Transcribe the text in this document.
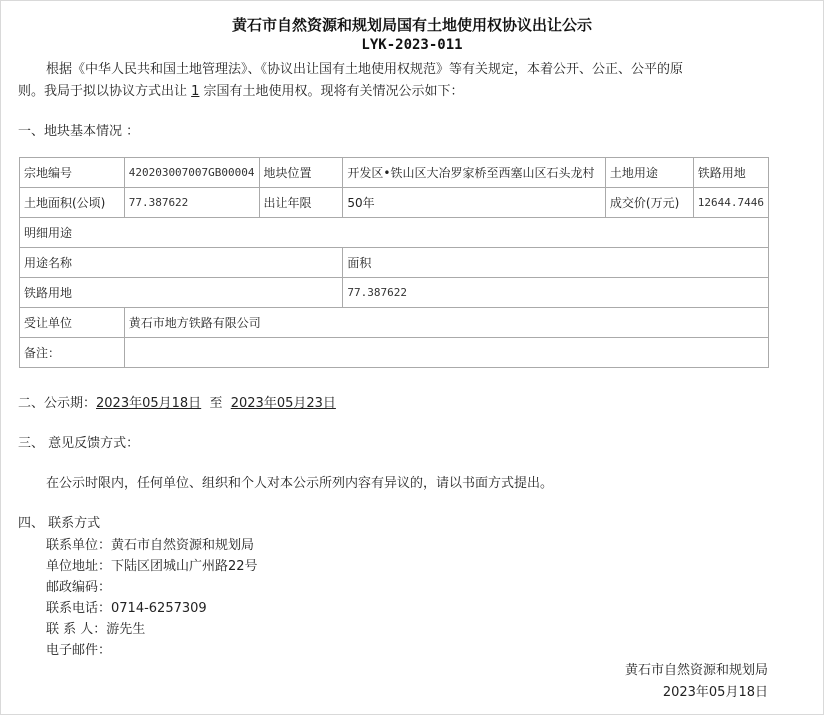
黄石市自然资源和规划局国有土地使用权协议出让公示
LYK-2023-011
根据《中华人民共和国土地管理法》、《协议出让国有土地使用权规范》等有关规定，本着公开、公正、公平的原
则。我局于拟以协议方式出让 1 宗国有土地使用权。现将有关情况公示如下：
一、地块基本情况 ：
宗地编号	420203007007GB00004	地块位置	开发区•铁山区大冶罗家桥至西塞山区石头龙村	土地用途	铁路用地
土地面积(公顷)	77.387622	出让年限	50年	成交价(万元)	12644.7446
明细用途					
用途名称			面积		
铁路用地			77.387622		
受让单位	黄石市地方铁路有限公司				
备注：					
二、公示期：2023年05月18日 至 2023年05月23日
三、 意见反馈方式：
在公示时限内，任何单位、组织和个人对本公示所列内容有异议的，请以书面方式提出。
四、 联系方式
联系单位：黄石市自然资源和规划局
单位地址：下陆区团城山广州路22号
邮政编码：
联系电话：0714-6257309
联 系 人：游先生
电子邮件：
黄石市自然资源和规划局
2023年05月18日
